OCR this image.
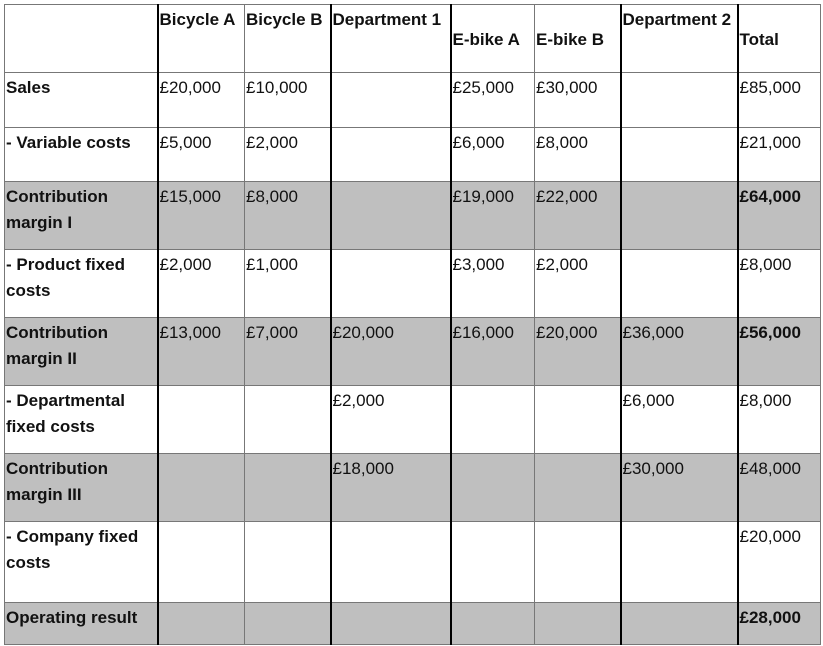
	Bicycle A	Bicycle B	Department 1	E-bike A	E-bike B	Department 2	Total
Sales	£20,000	£10,000		£25,000	£30,000		£85,000
- Variable costs	£5,000	£2,000		£6,000	£8,000		£21,000
Contribution margin I	£15,000	£8,000		£19,000	£22,000		£64,000
- Product fixed costs	£2,000	£1,000		£3,000	£2,000		£8,000
Contribution margin II	£13,000	£7,000	£20,000	£16,000	£20,000	£36,000	£56,000
- Departmental fixed costs			£2,000			£6,000	£8,000
Contribution margin III			£18,000			£30,000	£48,000
- Company fixed costs							£20,000
Operating result							£28,000
